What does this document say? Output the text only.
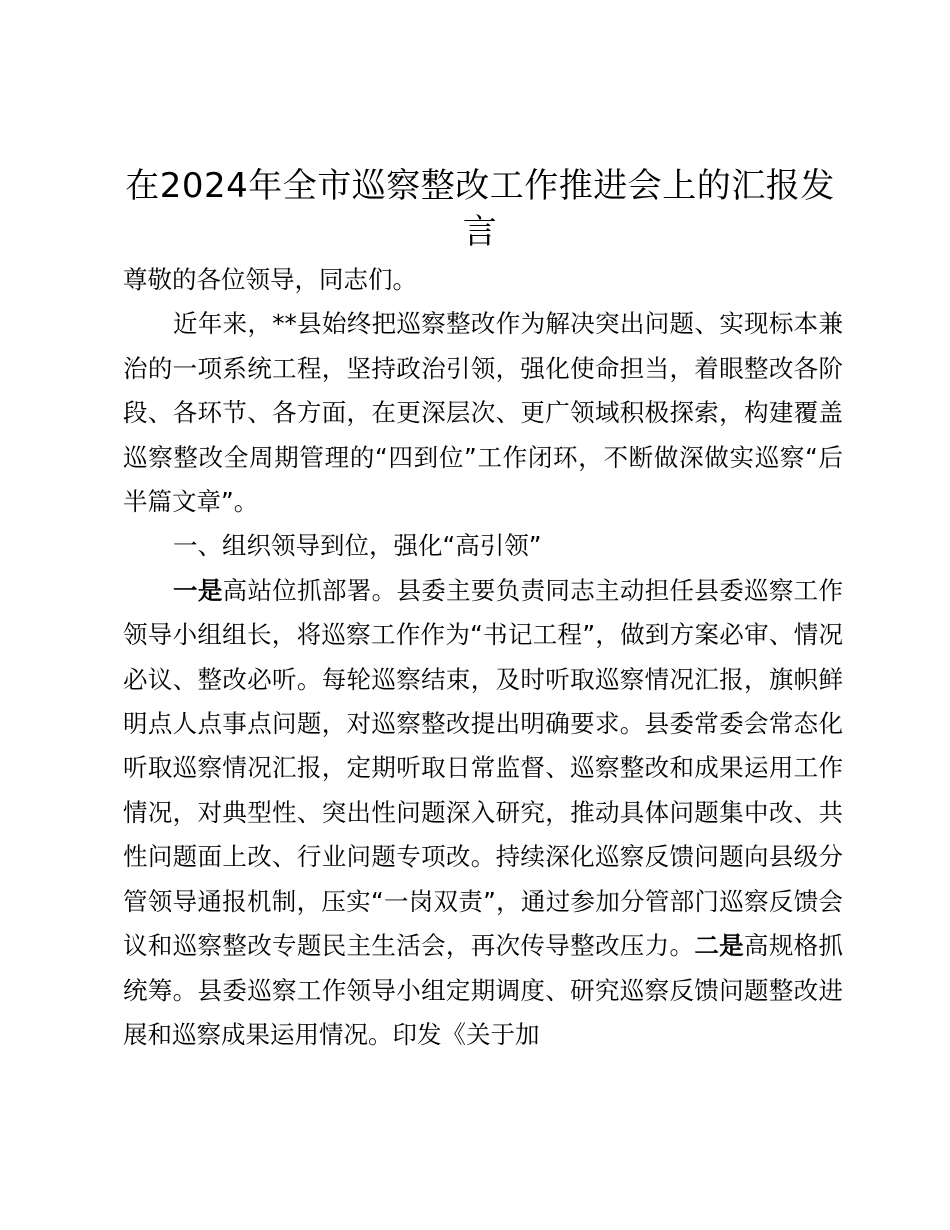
在2024年全市巡察整改工作推进会上的汇报发言

尊敬的各位领导，同志们。

近年来，**县始终把巡察整改作为解决突出问题、实现标本兼治的一项系统工程，坚持政治引领，强化使命担当，着眼整改各阶段、各环节、各方面，在更深层次、更广领域积极探索，构建覆盖巡察整改全周期管理的“四到位”工作闭环，不断做深做实巡察“后半篇文章”。

一、组织领导到位，强化“高引领”

一是高站位抓部署。县委主要负责同志主动担任县委巡察工作领导小组组长，将巡察工作作为“书记工程”，做到方案必审、情况必议、整改必听。每轮巡察结束，及时听取巡察情况汇报，旗帜鲜明点人点事点问题，对巡察整改提出明确要求。县委常委会常态化听取巡察情况汇报，定期听取日常监督、巡察整改和成果运用工作情况，对典型性、突出性问题深入研究，推动具体问题集中改、共性问题面上改、行业问题专项改。持续深化巡察反馈问题向县级分管领导通报机制，压实“一岗双责”，通过参加分管部门巡察反馈会议和巡察整改专题民主生活会，再次传导整改压力。二是高规格抓统筹。县委巡察工作领导小组定期调度、研究巡察反馈问题整改进展和巡察成果运用情况。印发《关于加
